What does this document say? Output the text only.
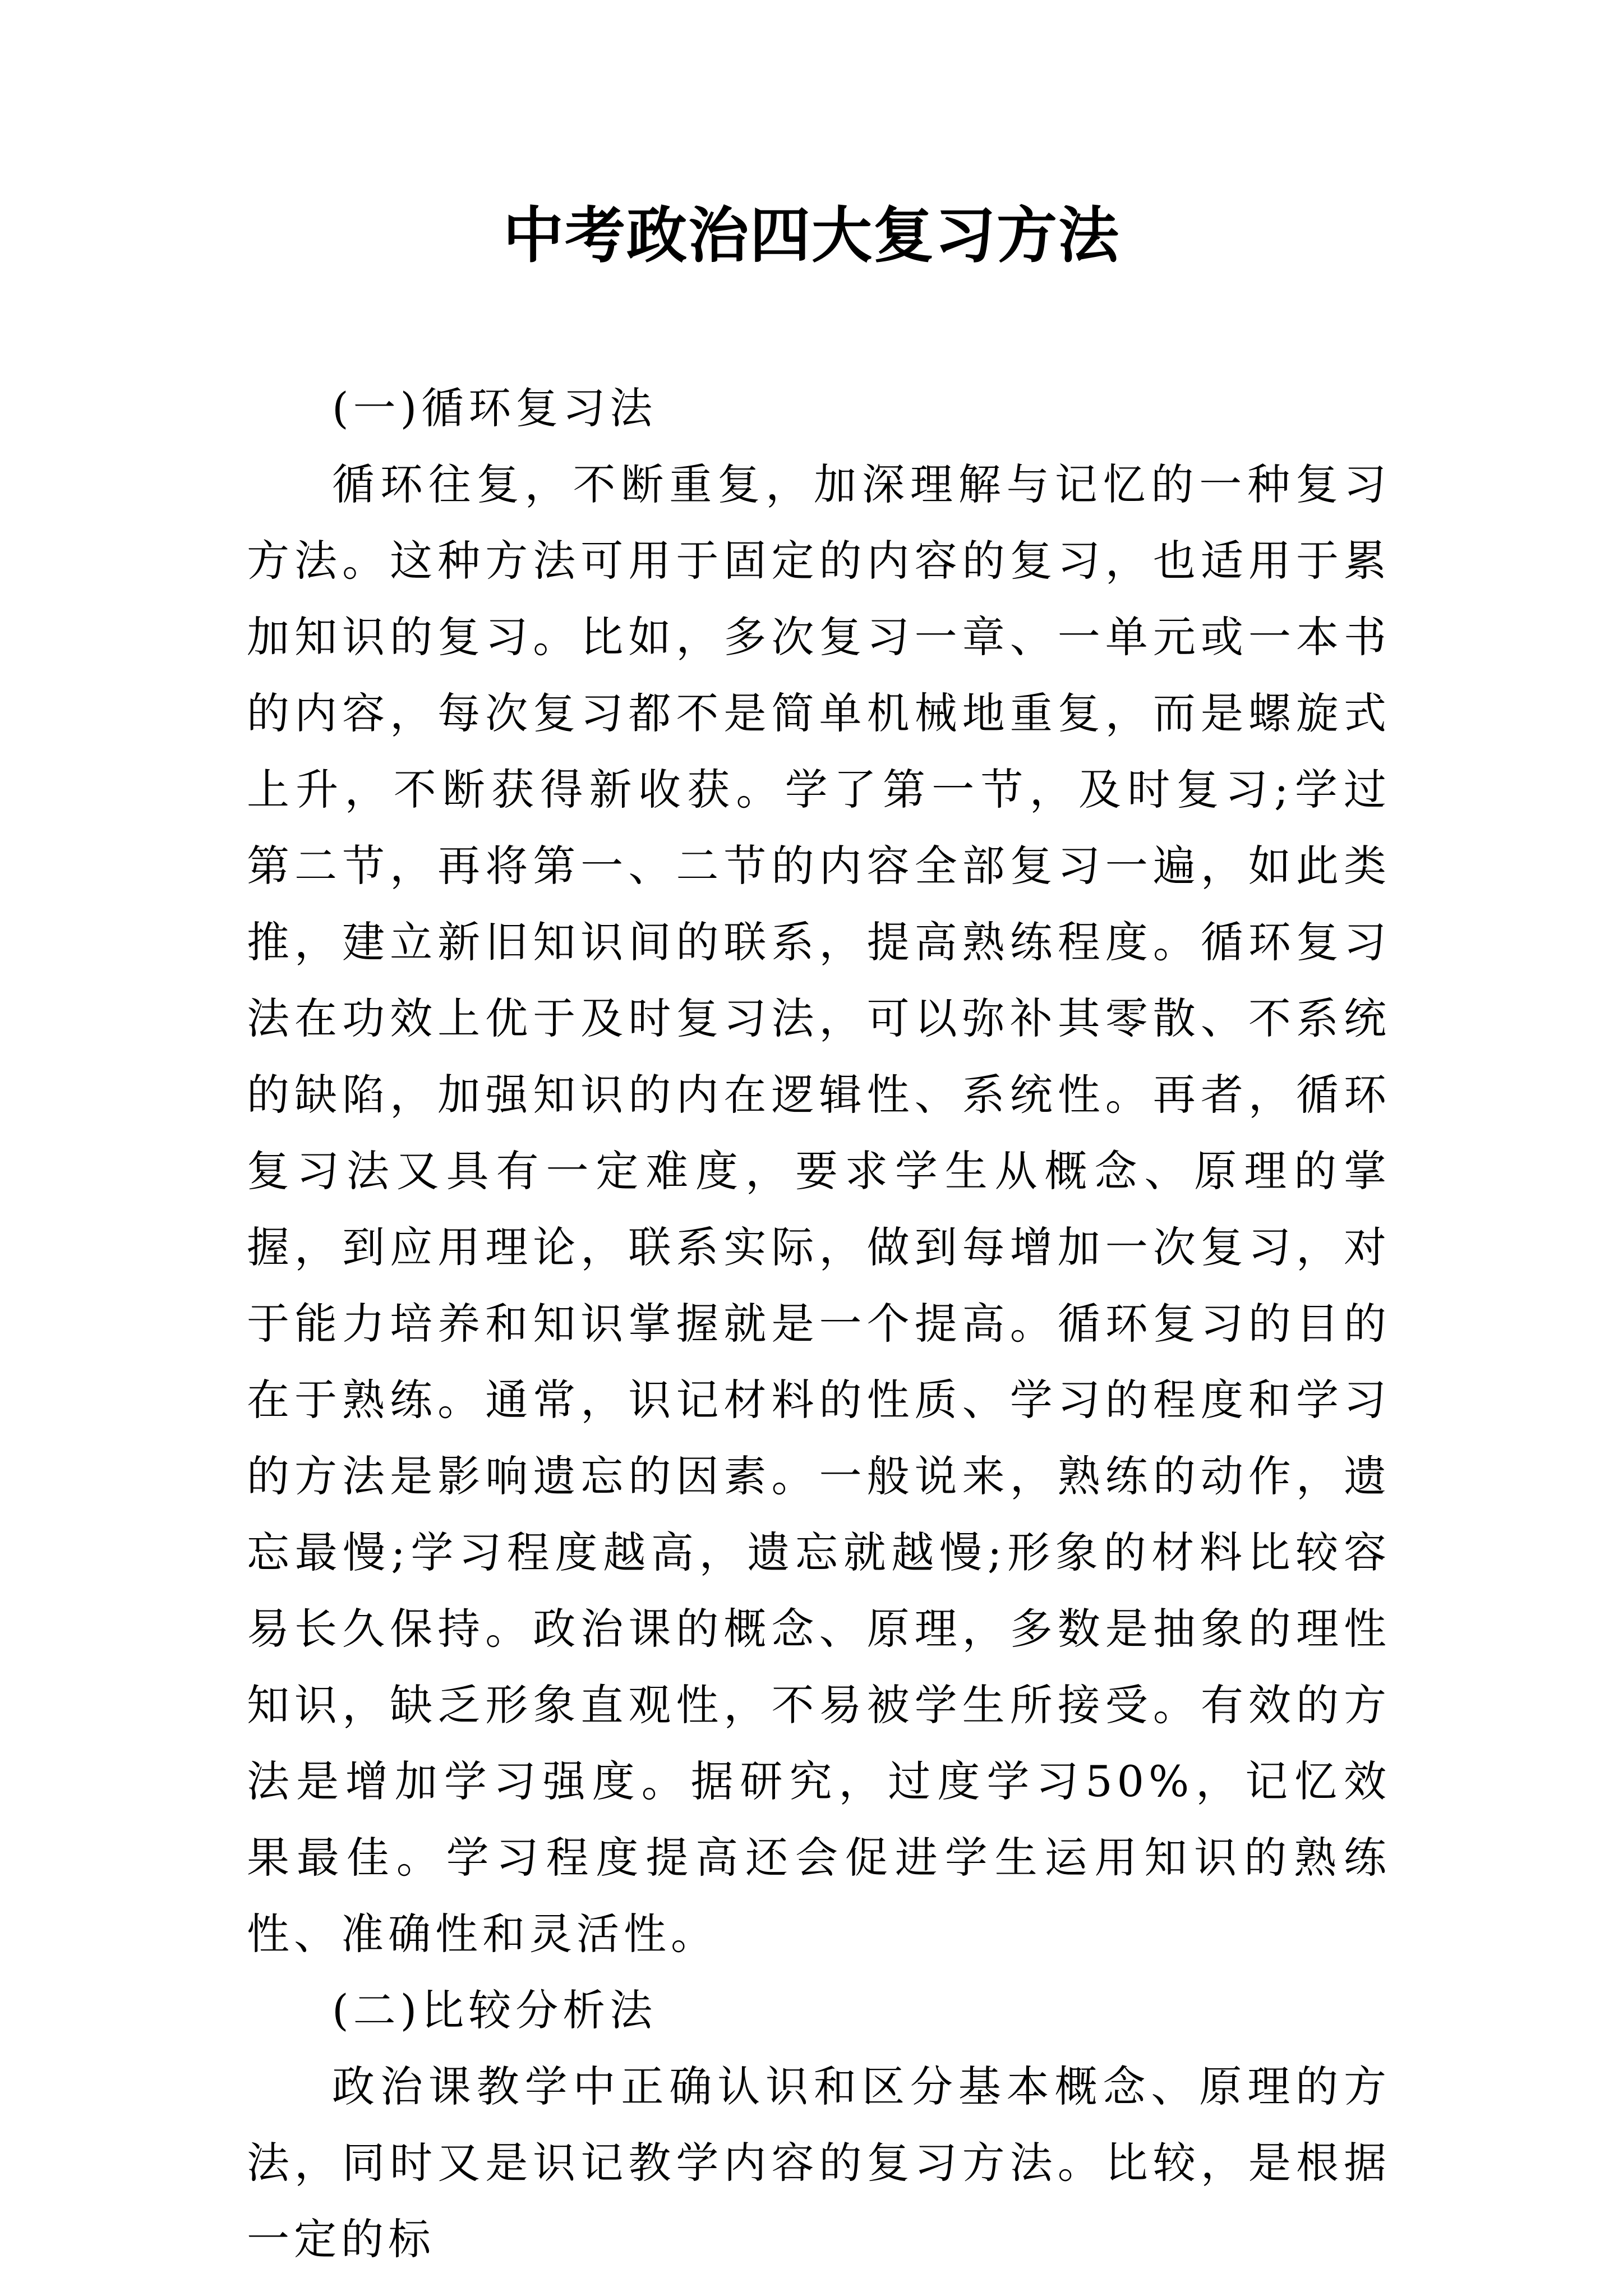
中考政治四大复习方法

(一)循环复习法

循环往复，不断重复，加深理解与记忆的一种复习方法。这种方法可用于固定的内容的复习，也适用于累加知识的复习。比如，多次复习一章、一单元或一本书的内容，每次复习都不是简单机械地重复，而是螺旋式上升，不断获得新收获。学了第一节，及时复习;学过第二节，再将第一、二节的内容全部复习一遍，如此类推，建立新旧知识间的联系，提高熟练程度。循环复习法在功效上优于及时复习法，可以弥补其零散、不系统的缺陷，加强知识的内在逻辑性、系统性。再者，循环复习法又具有一定难度，要求学生从概念、原理的掌握，到应用理论，联系实际，做到每增加一次复习，对于能力培养和知识掌握就是一个提高。循环复习的目的在于熟练。通常，识记材料的性质、学习的程度和学习的方法是影响遗忘的因素。一般说来，熟练的动作，遗忘最慢;学习程度越高，遗忘就越慢;形象的材料比较容易长久保持。政治课的概念、原理，多数是抽象的理性知识，缺乏形象直观性，不易被学生所接受。有效的方法是增加学习强度。据研究，过度学习50%，记忆效果最佳。学习程度提高还会促进学生运用知识的熟练性、准确性和灵活性。

(二)比较分析法

政治课教学中正确认识和区分基本概念、原理的方法，同时又是识记教学内容的复习方法。比较，是根据一定的标
